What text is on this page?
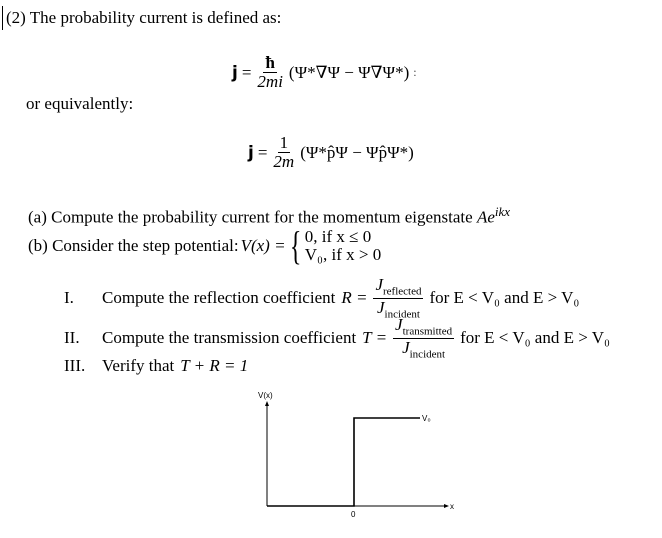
(2) The probability current is defined as:
$j = \frac{ħ}{2mi} (\Psi*\nabla\Psi - \Psi\nabla\Psi*)$ :
or equivalently:
$j = \frac{1}{2m}$ (Ψ*p̂Ψ − Ψp̂Ψ*)
(a) Compute the probability current for the momentum eigenstate $Ae^{ikx}$
(b) Consider the step potential: V(x) = { 0, if x ≤ 0
V₀, if x > 0
I.	Compute the reflection coefficient $R = \frac{J_{reflected}}{J_{incident}}$ for E < V₀ and E > V₀
II.	Compute the transmission coefficient $T = \frac{J_{transmitted}}{J_{incident}}$ for E < V₀ and E > V₀
III. Verify that T + R = 1
V(x)
x
V₀
0
